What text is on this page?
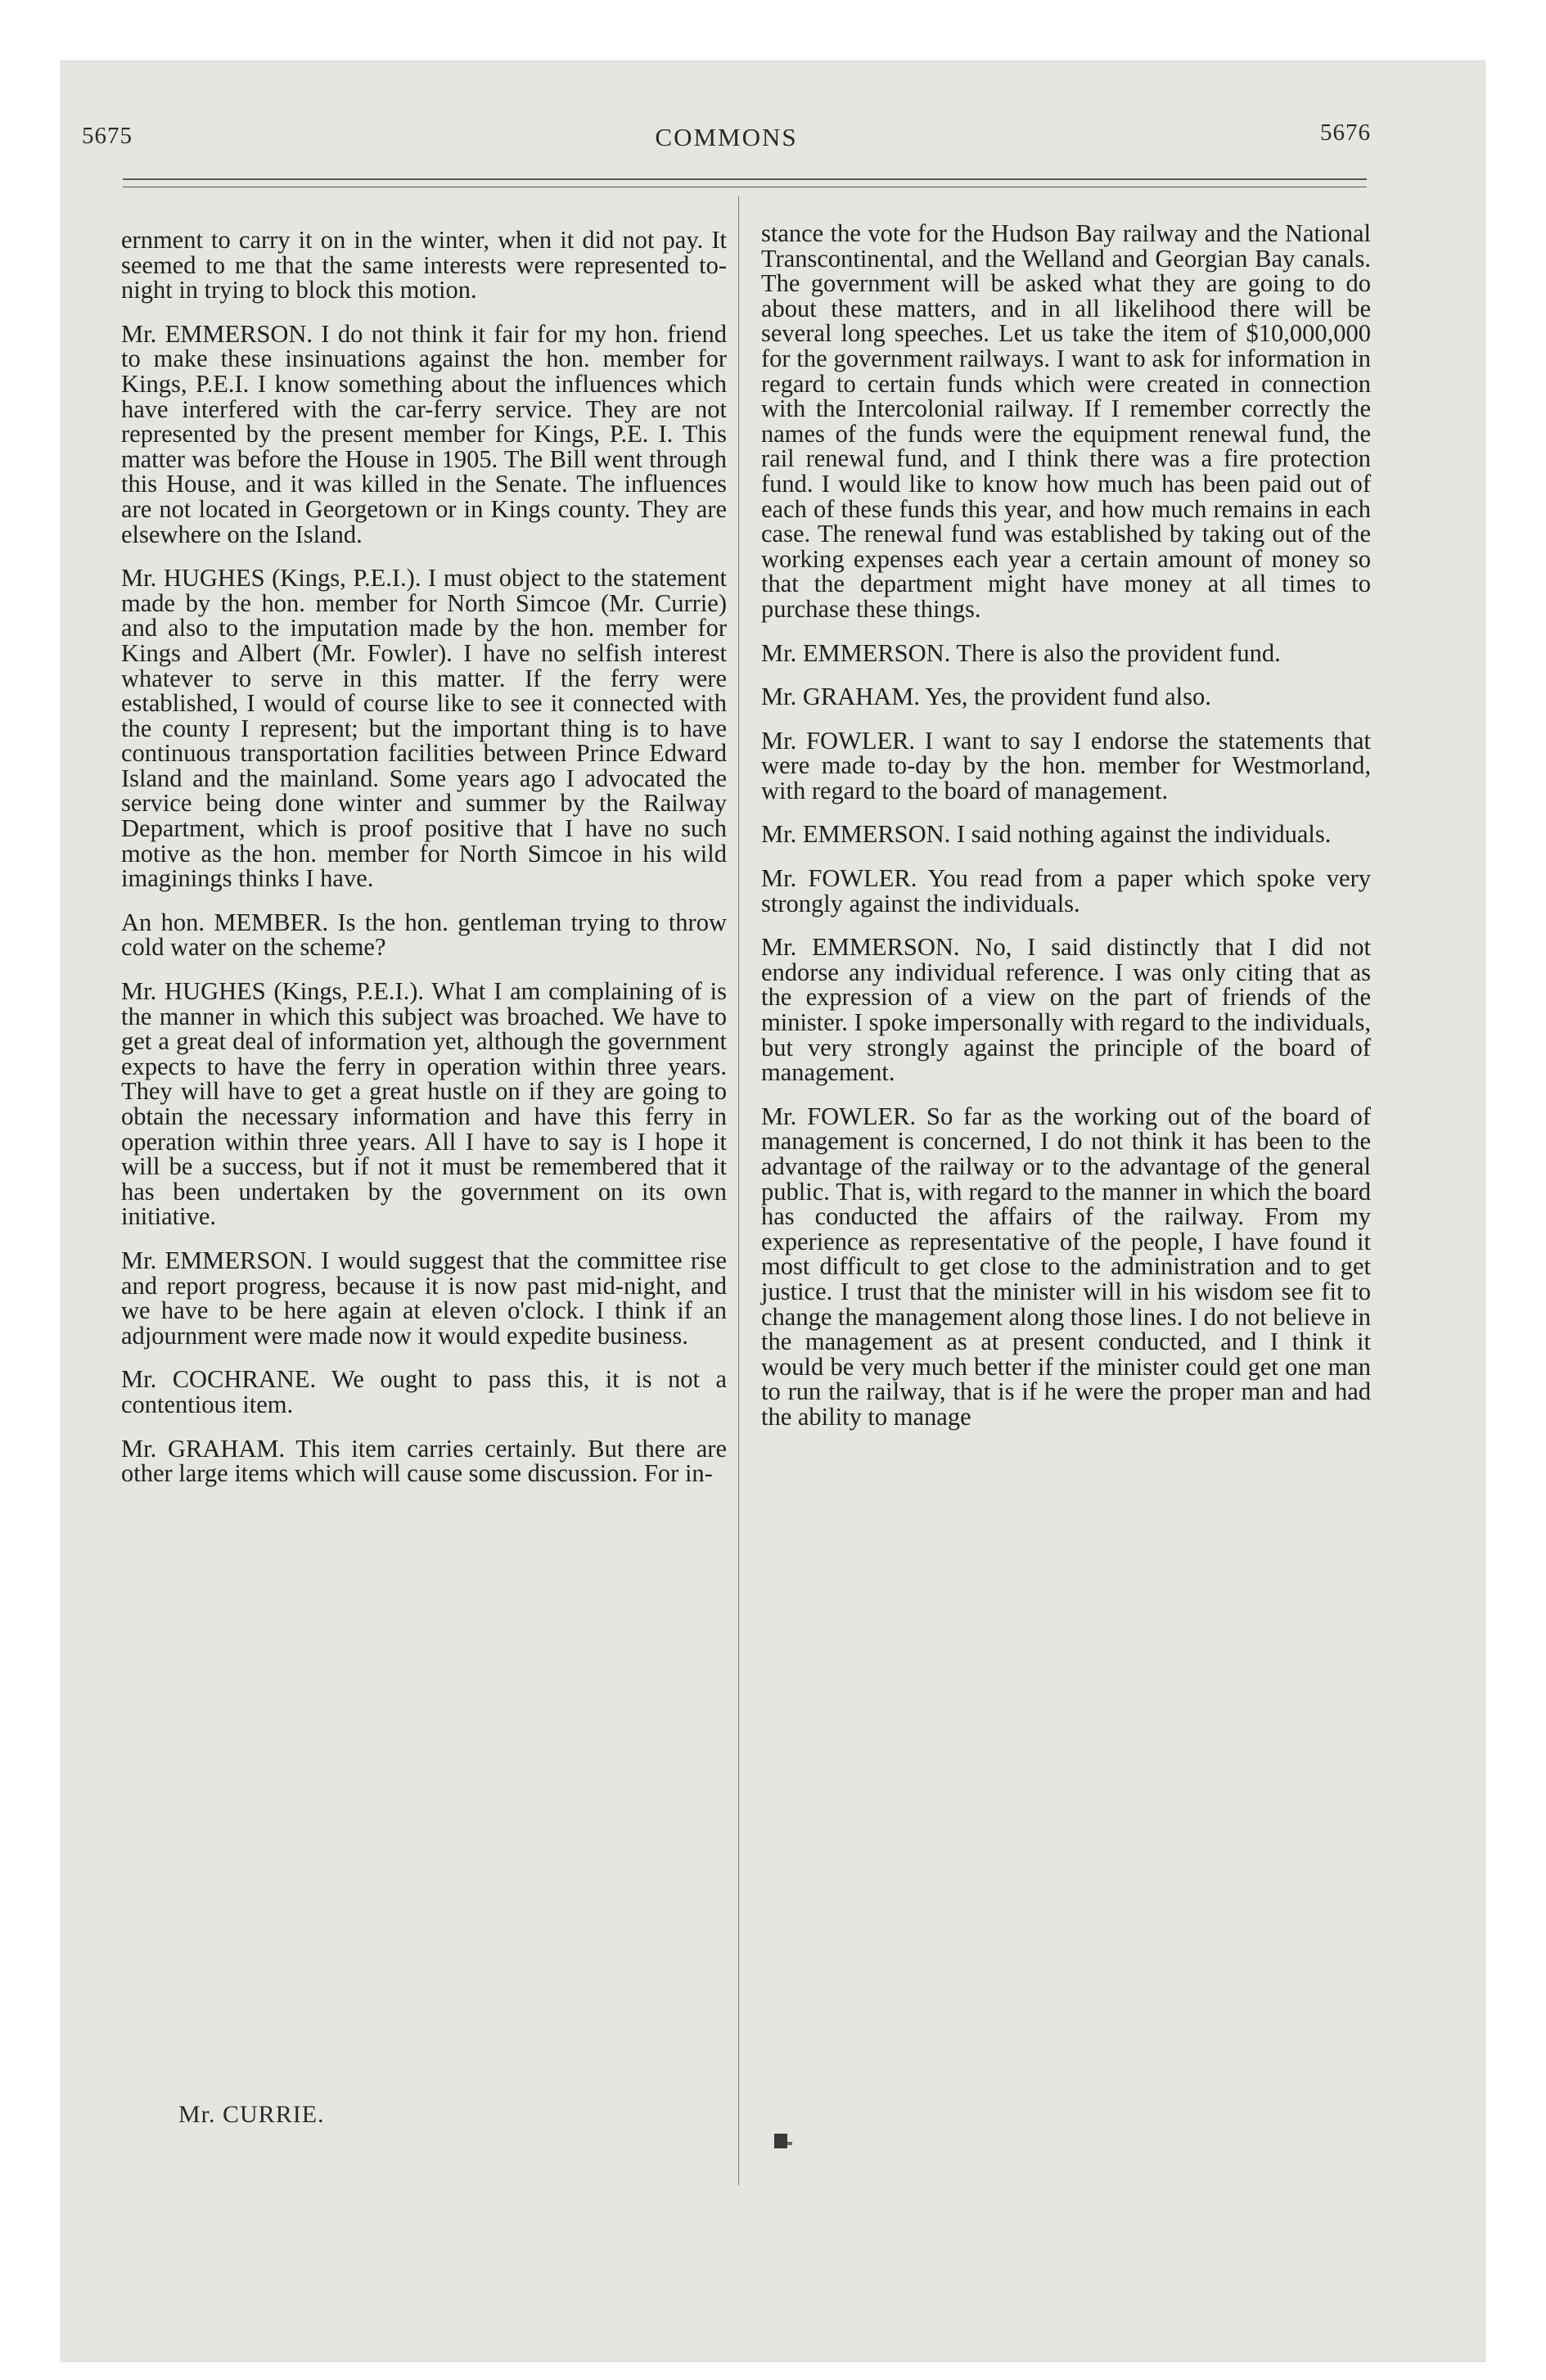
5675	COMMONS	5676

ernment to carry it on in the winter, when it did not pay. It seemed to me that the same interests were represented to-night in trying to block this motion.

Mr. EMMERSON. I do not think it fair for my hon. friend to make these insinuations against the hon. member for Kings, P.E.I. I know something about the influences which have interfered with the car-ferry service. They are not represented by the present member for Kings, P.E. I. This matter was before the House in 1905. The Bill went through this House, and it was killed in the Senate. The influences are not located in Georgetown or in Kings county. They are elsewhere on the Island.

Mr. HUGHES (Kings, P.E.I.). I must object to the statement made by the hon. member for North Simcoe (Mr. Currie) and also to the imputation made by the hon. member for Kings and Albert (Mr. Fowler). I have no selfish interest whatever to serve in this matter. If the ferry were established, I would of course like to see it connected with the county I represent; but the important thing is to have continuous transportation facilities between Prince Edward Island and the mainland. Some years ago I advocated the service being done winter and summer by the Railway Department, which is proof positive that I have no such motive as the hon. member for North Simcoe in his wild imaginings thinks I have.

An hon. MEMBER. Is the hon. gentleman trying to throw cold water on the scheme?

Mr. HUGHES (Kings, P.E.I.). What I am complaining of is the manner in which this subject was broached. We have to get a great deal of information yet, although the government expects to have the ferry in operation within three years. They will have to get a great hustle on if they are going to obtain the necessary information and have this ferry in operation within three years. All I have to say is I hope it will be a success, but if not it must be remembered that it has been undertaken by the government on its own initiative.

Mr. EMMERSON. I would suggest that the committee rise and report progress, because it is now past mid-night, and we have to be here again at eleven o'clock. I think if an adjournment were made now it would expedite business.

Mr. COCHRANE. We ought to pass this, it is not a contentious item.

Mr. GRAHAM. This item carries certainly. But there are other large items which will cause some discussion. For in-

Mr. CURRIE.

stance the vote for the Hudson Bay railway and the National Transcontinental, and the Welland and Georgian Bay canals. The government will be asked what they are going to do about these matters, and in all likelihood there will be several long speeches. Let us take the item of $10,000,000 for the government railways. I want to ask for information in regard to certain funds which were created in connection with the Intercolonial railway. If I remember correctly the names of the funds were the equipment renewal fund, the rail renewal fund, and I think there was a fire protection fund. I would like to know how much has been paid out of each of these funds this year, and how much remains in each case. The renewal fund was established by taking out of the working expenses each year a certain amount of money so that the department might have money at all times to purchase these things.

Mr. EMMERSON. There is also the provident fund.

Mr. GRAHAM. Yes, the provident fund also.

Mr. FOWLER. I want to say I endorse the statements that were made to-day by the hon. member for Westmorland, with regard to the board of management.

Mr. EMMERSON. I said nothing against the individuals.

Mr. FOWLER. You read from a paper which spoke very strongly against the individuals.

Mr. EMMERSON. No, I said distinctly that I did not endorse any individual reference. I was only citing that as the expression of a view on the part of friends of the minister. I spoke impersonally with regard to the individuals, but very strongly against the principle of the board of management.

Mr. FOWLER. So far as the working out of the board of management is concerned, I do not think it has been to the advantage of the railway or to the advantage of the general public. That is, with regard to the manner in which the board has conducted the affairs of the railway. From my experience as representative of the people, I have found it most difficult to get close to the administration and to get justice. I trust that the minister will in his wisdom see fit to change the management along those lines. I do not believe in the management as at present conducted, and I think it would be very much better if the minister could get one man to run the railway, that is if he were the proper man and had the ability to manage
